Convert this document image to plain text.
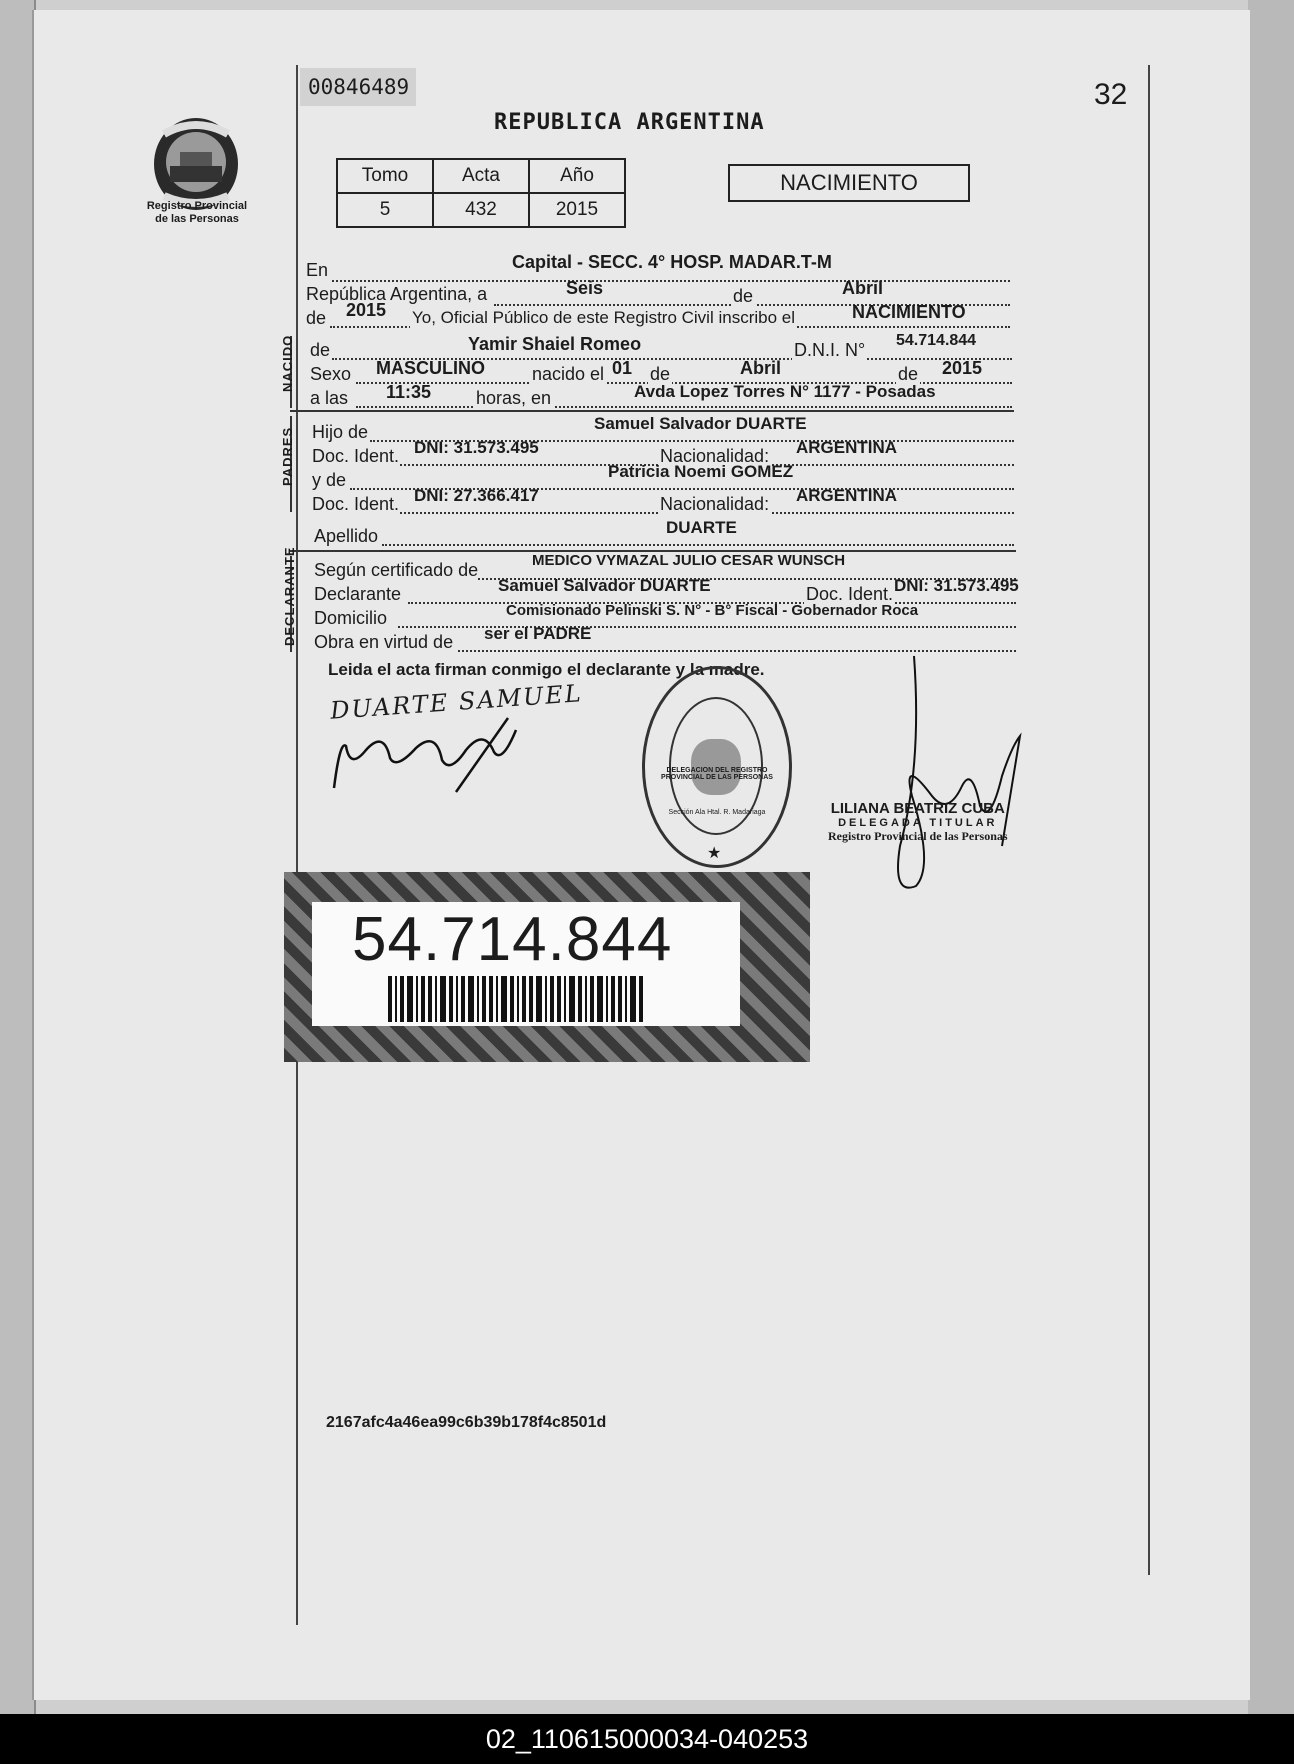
00846489	32
Registro Provincial
de las Personas
REPUBLICA ARGENTINA
Tomo	Acta	Año
5	432	2015
NACIMIENTO
En	Capital - SECC. 4° HOSP. MADAR.T-M
República Argentina, a	Seis	de	Abril
de 2015 Yo, Oficial Público de este Registro Civil inscribo el	NACIMIENTO
NACIDO de	Yamir Shaiel Romeo	D.N.I. N° 54.714.844
Sexo MASCULINO	nacido el 01 de	Abril	de 2015
a las 11:35 horas, en	Avda Lopez Torres N° 1177 - Posadas
PADRES Hijo de	Samuel Salvador DUARTE
Doc. Ident. DNI: 31.573.495	Nacionalidad: ARGENTINA
y de	Patricia Noemi GOMEZ
Doc. Ident. DNI: 27.366.417	Nacionalidad: ARGENTINA
Apellido	DUARTE
DECLARANTE Según certificado de	MEDICO VYMAZAL JULIO CESAR WUNSCH
Declarante	Samuel Salvador DUARTE	Doc. Ident. DNI: 31.573.495
Domicilio	Comisionado Pelinski S. N° - B° Fiscal - Gobernador Roca
Obra en virtud de ser el PADRE
Leida el acta firman conmigo el declarante y la madre.
DUARTE SAMUEL
DELEGACION DEL REGISTRO PROVINCIAL DE LAS PERSONAS
Sección Ala Htal. R. Madariaga
★
LILIANA BEATRIZ CUBA
DELEGADA TITULAR
Registro Provincial de las Personas
54.714.844
2167afc4a46ea99c6b39b178f4c8501d
02_110615000034-040253
